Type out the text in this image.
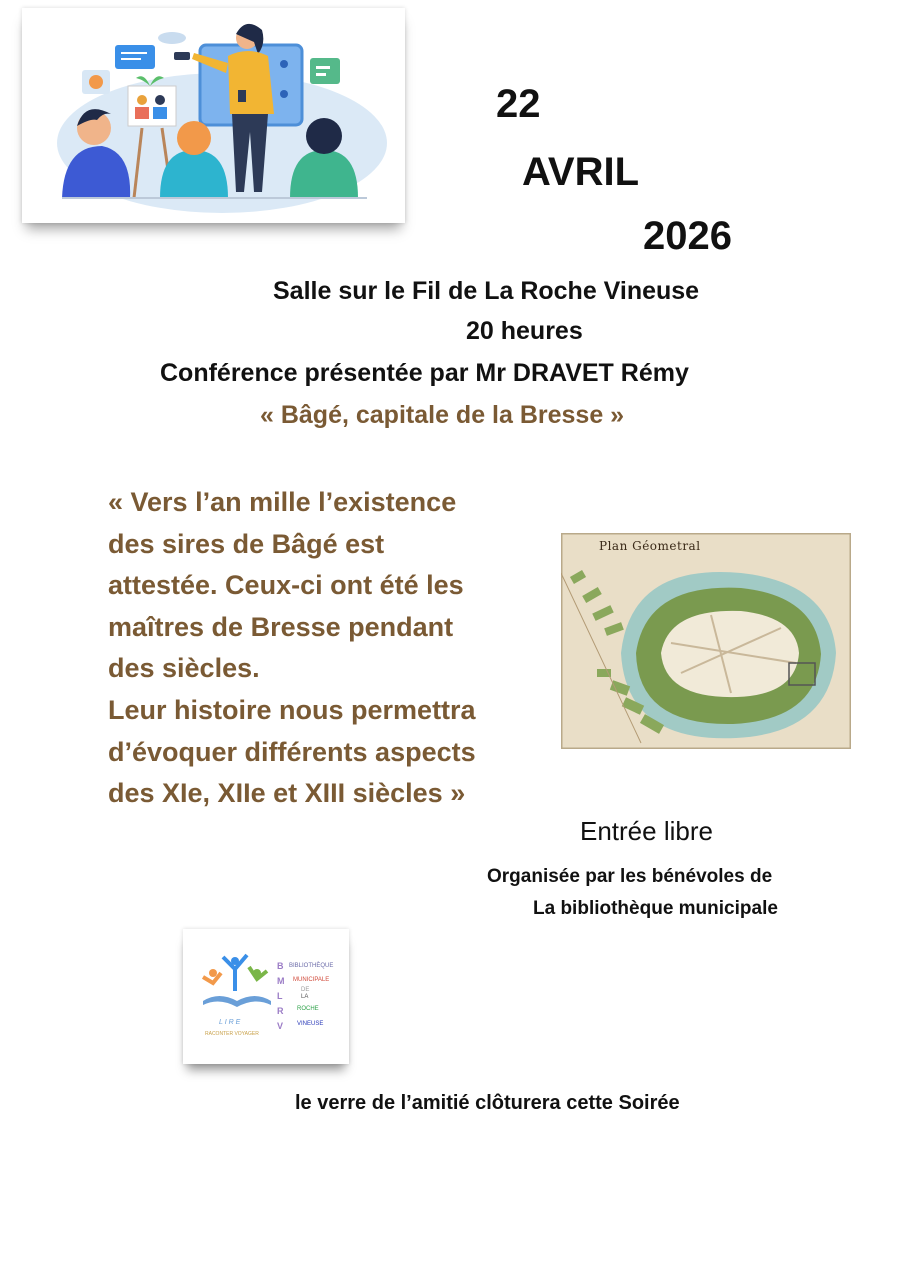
22
AVRIL
2026
Salle sur le Fil de La Roche Vineuse
20 heures
Conférence présentée par Mr DRAVET Rémy
« Bâgé, capitale de la Bresse »
« Vers l’an mille l’existence
des sires de Bâgé est
attestée. Ceux-ci ont été les
maîtres de Bresse pendant
des siècles.
Leur histoire nous permettra
d’évoquer différents aspects
des XIe, XIIe et XIII siècles »
Plan Géometral
Entrée libre
Organisée par les bénévoles de
La bibliothèque municipale
B
M
L
R
V
BIBLIOTHÈQUE
MUNICIPALE
DE
LA
ROCHE
VINEUSE
L I R E
RACONTER VOYAGER
le verre de l’amitié clôturera cette Soirée
